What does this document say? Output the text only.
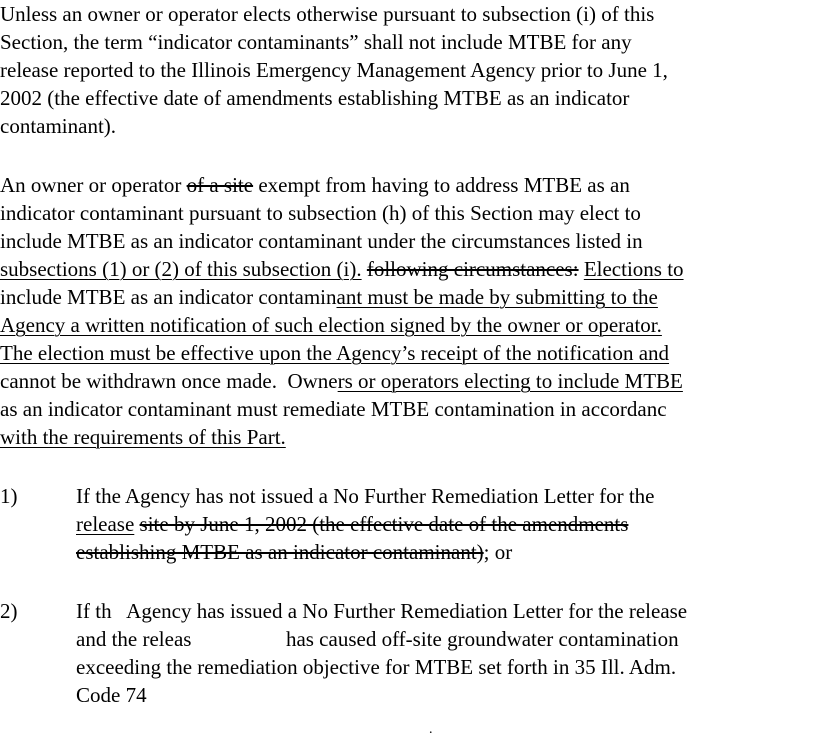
Unless an owner or operator elects otherwise pursuant to subsection (i) of this
Section, the term “indicator contaminants” shall not include MTBE for any
release reported to the Illinois Emergency Management Agency prior to June 1,
2002 (the effective date of amendments establishing MTBE as an indicator
contaminant).
An owner or operator of a site exempt from having to address MTBE as an
indicator contaminant pursuant to subsection (h) of this Section may elect to
include MTBE as an indicator contaminant under the circumstances listed in
subsections (1) or (2) of this subsection (i). following circumstances: Elections to
include MTBE as an indicator contaminant must be made by submitting to the
Agency a written notification of such election signed by the owner or operator.
The election must be effective upon the Agency’s receipt of the notification and
cannot be withdrawn once made.  Owners or operators electing to include MTBE
as an indicator contaminant must remediate MTBE contamination in accordanc
with the requirements of this Part.
1)	If the Agency has not issued a No Further Remediation Letter for the
release site by June 1, 2002 (the effective date of the amendments
establishing MTBE as an indicator contaminant); or
2)	If th   Agency has issued a No Further Remediation Letter for the release
and the releas                  has caused off-site groundwater contamination
exceeding the remediation objective for MTBE set forth in 35 Ill. Adm.
Code 74
.
